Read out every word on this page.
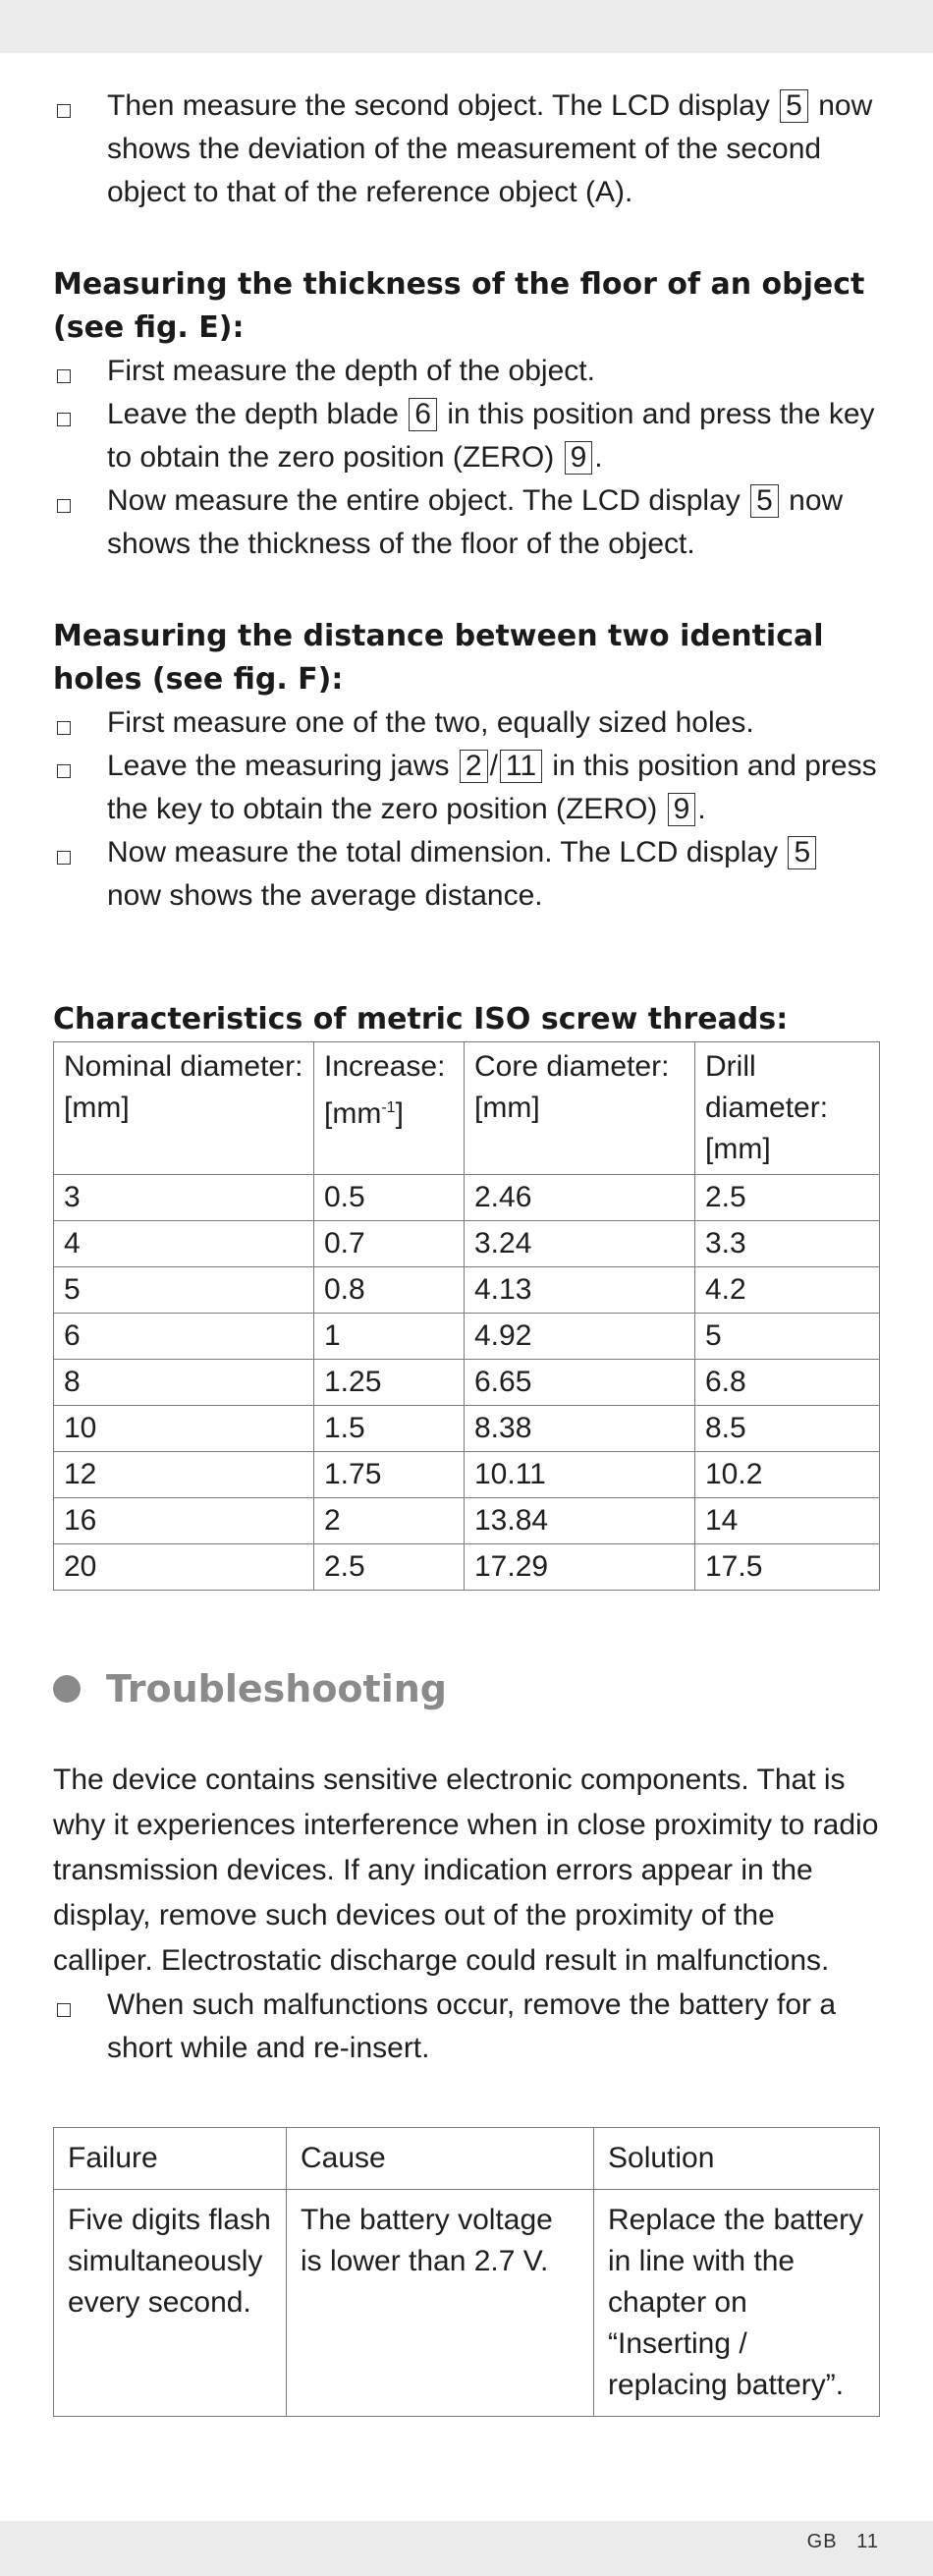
Then measure the second object. The LCD display 5 now shows the deviation of the measurement of the second object to that of the reference object (A).
Measuring the thickness of the floor of an object (see fig. E):
First measure the depth of the object.
Leave the depth blade 6 in this position and press the key to obtain the zero position (ZERO) 9 .
Now measure the entire object. The LCD display 5 now shows the thickness of the floor of the object.
Measuring the distance between two identical holes (see fig. F):
First measure one of the two, equally sized holes.
Leave the measuring jaws 2 / 11 in this position and press the key to obtain the zero position (ZERO) 9 .
Now measure the total dimension. The LCD display 5 now shows the average distance.
Characteristics of metric ISO screw threads:
Nominal diameter: [mm]	Increase: $[mm^{-1}]$	Core diameter: [mm]	Drill diameter: [mm]
3	0.5	2.46	2.5
4	0.7	3.24	3.3
5	0.8	4.13	4.2
6	1	4.92	5
8	1.25	6.65	6.8
10	1.5	8.38	8.5
12	1.75	10.11	10.2
16	2	13.84	14
20	2.5	17.29	17.5
Troubleshooting
The device contains sensitive electronic components. That is why it experiences interference when in close proximity to radio transmission devices. If any indication errors appear in the display, remove such devices out of the proximity of the calliper. Electrostatic discharge could result in malfunctions.
When such malfunctions occur, remove the battery for a short while and re-insert.
Failure	Cause	Solution
Five digits flash simultaneously every second.	The battery voltage is lower than 2.7 V.	Replace the battery in line with the chapter on “Inserting / replacing battery”.
GB   11
